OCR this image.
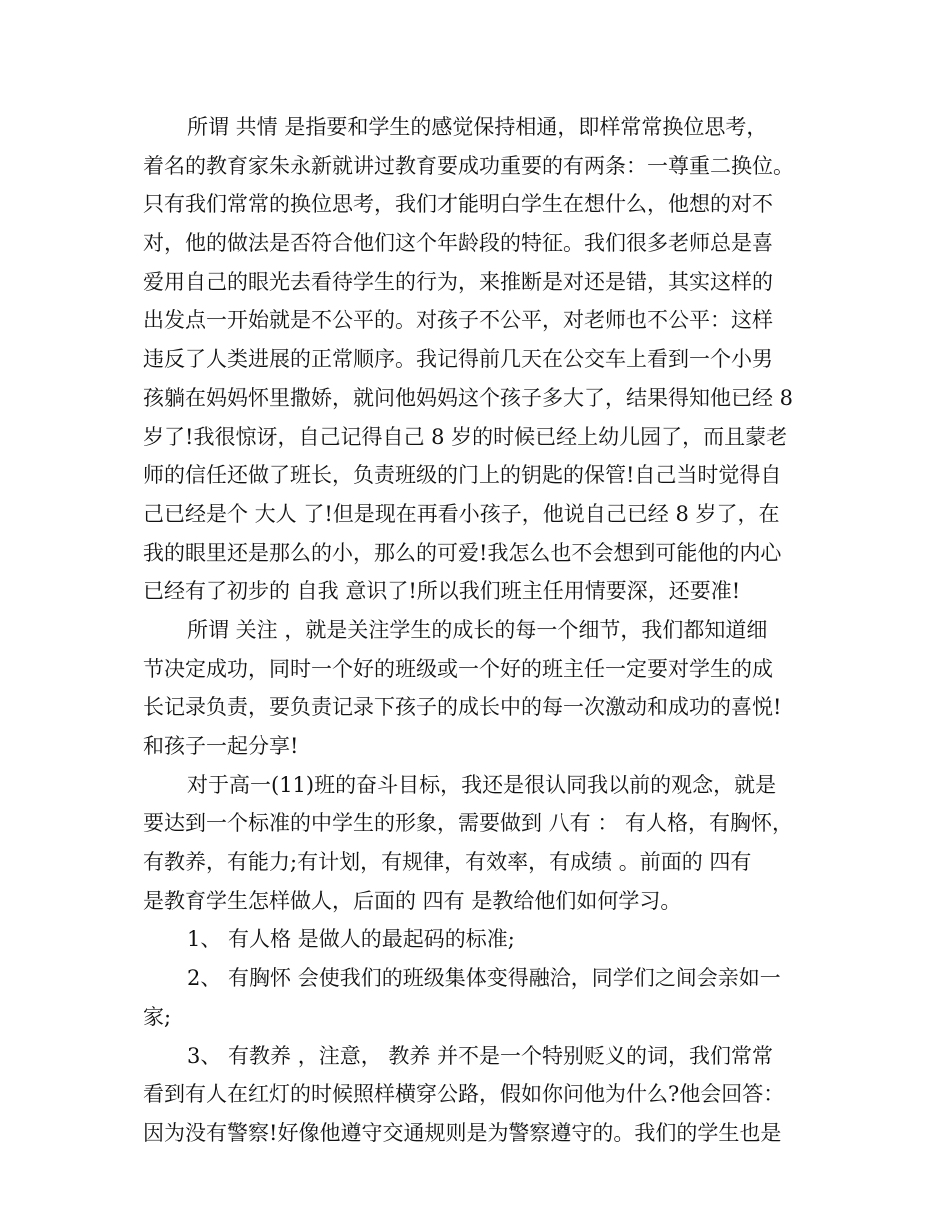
所谓 共情 是指要和学生的感觉保持相通，即样常常换位思考，
着名的教育家朱永新就讲过教育要成功重要的有两条：一尊重二换位。
只有我们常常的换位思考，我们才能明白学生在想什么，他想的对不
对，他的做法是否符合他们这个年龄段的特征。我们很多老师总是喜
爱用自己的眼光去看待学生的行为，来推断是对还是错，其实这样的
出发点一开始就是不公平的。对孩子不公平，对老师也不公平：这样
违反了人类进展的正常顺序。我记得前几天在公交车上看到一个小男
孩躺在妈妈怀里撒娇，就问他妈妈这个孩子多大了，结果得知他已经 8
岁了!我很惊讶，自己记得自己 8 岁的时候已经上幼儿园了，而且蒙老
师的信任还做了班长，负责班级的门上的钥匙的保管!自己当时觉得自
己已经是个 大人 了!但是现在再看小孩子，他说自己已经 8 岁了，在
我的眼里还是那么的小，那么的可爱!我怎么也不会想到可能他的内心
已经有了初步的 自我 意识了!所以我们班主任用情要深，还要准!
所谓 关注 ，就是关注学生的成长的每一个细节，我们都知道细
节决定成功，同时一个好的班级或一个好的班主任一定要对学生的成
长记录负责，要负责记录下孩子的成长中的每一次激动和成功的喜悦!
和孩子一起分享!
对于高一(11)班的奋斗目标，我还是很认同我以前的观念，就是
要达到一个标准的中学生的形象，需要做到 八有 ： 有人格，有胸怀，
有教养，有能力;有计划，有规律，有效率，有成绩 。前面的 四有
是教育学生怎样做人，后面的 四有 是教给他们如何学习。
1、 有人格 是做人的最起码的标准;
2、 有胸怀 会使我们的班级集体变得融洽，同学们之间会亲如一
家;
3、 有教养 ，注意， 教养 并不是一个特别贬义的词，我们常常
看到有人在红灯的时候照样横穿公路，假如你问他为什么?他会回答：
因为没有警察!好像他遵守交通规则是为警察遵守的。我们的学生也是
